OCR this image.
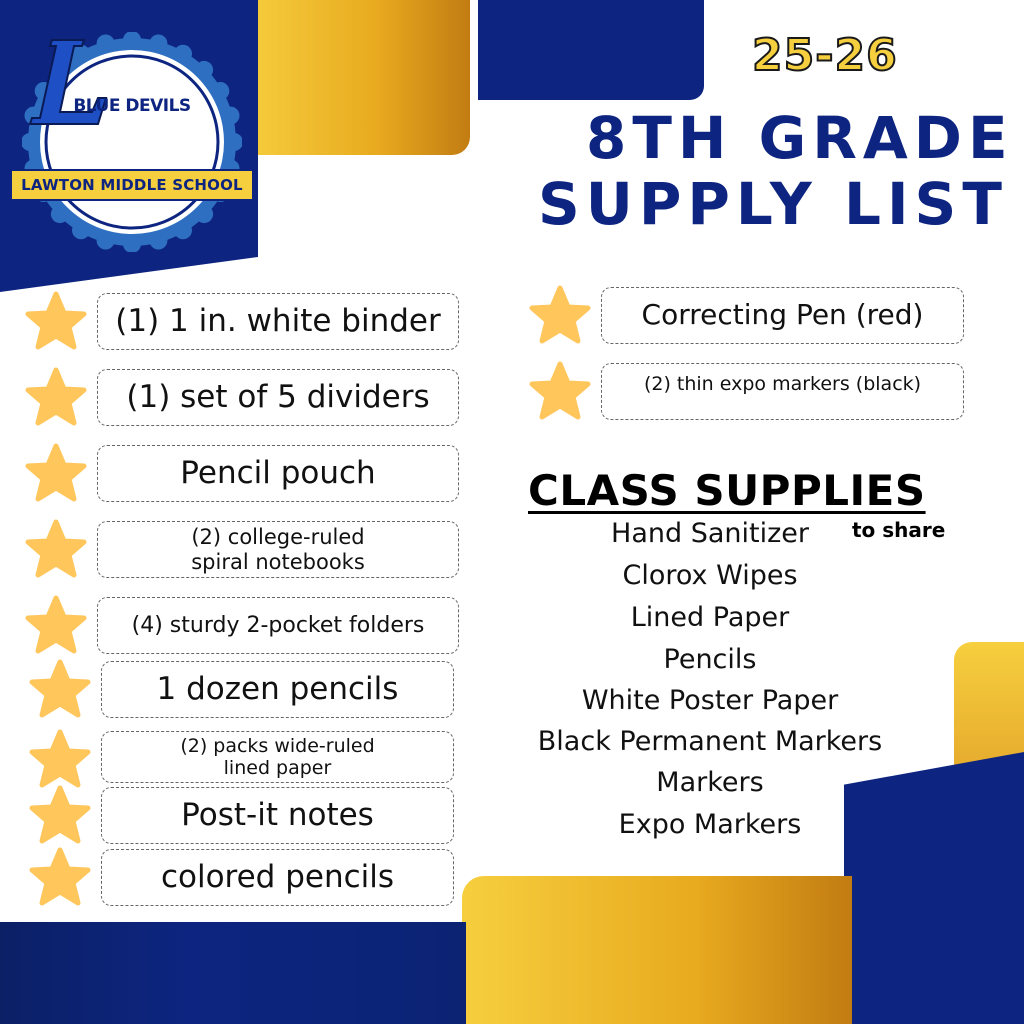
BLUE DEVILS
LAWTON MIDDLE SCHOOL
25-26
8TH GRADE
SUPPLY LIST
(1) 1 in. white binder
(1) set of 5 dividers
Pencil pouch
(2) college-ruled
spiral notebooks
(4) sturdy 2-pocket folders
1 dozen pencils
(2) packs wide-ruled
lined paper
Post-it notes
colored pencils
Correcting Pen (red)
(2) thin expo markers (black)
CLASS SUPPLIES
to share
Hand Sanitizer
Clorox Wipes
Lined Paper
Pencils
White Poster Paper
Black Permanent Markers
Markers
Expo Markers
